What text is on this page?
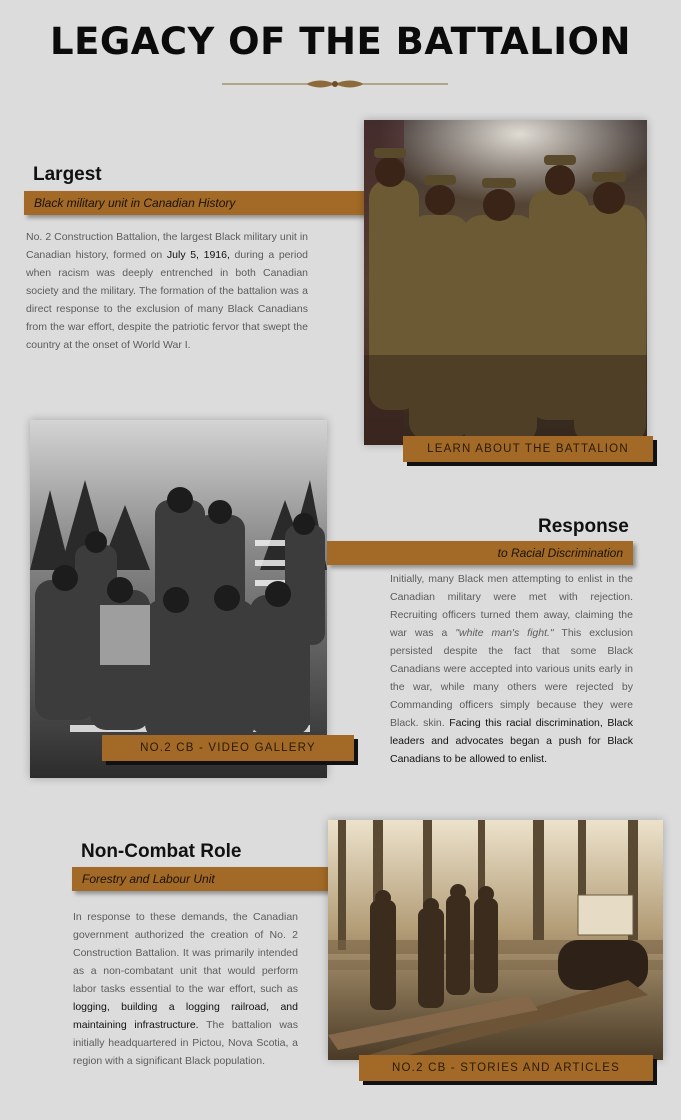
LEGACY OF THE BATTALION
Largest
Black military unit in Canadian History
No. 2 Construction Battalion, the largest Black military unit in Canadian history, formed on July 5, 1916, during a period when racism was deeply entrenched in both Canadian society and the military. The formation of the battalion was a direct response to the exclusion of many Black Canadians from the war effort, despite the patriotic fervor that swept the country at the onset of World War I.
LEARN ABOUT THE BATTALION
NO.2 CB - VIDEO GALLERY
Response
to Racial Discrimination
Initially, many Black men attempting to enlist in the Canadian military were met with rejection. Recruiting officers turned them away, claiming the war was a "white man's fight." This exclusion persisted despite the fact that some Black Canadians were accepted into various units early in the war, while many others were rejected by Commanding officers simply because they were Black. skin. Facing this racial discrimination, Black leaders and advocates began a push for Black Canadians to be allowed to enlist.
Non-Combat Role
Forestry and Labour Unit
In response to these demands, the Canadian government authorized the creation of No. 2 Construction Battalion. It was primarily intended as a non-combatant unit that would perform labor tasks essential to the war effort, such as logging, building a logging railroad, and maintaining infrastructure. The battalion was initially headquartered in Pictou, Nova Scotia, a region with a significant Black population.
NO.2 CB - STORIES AND ARTICLES
